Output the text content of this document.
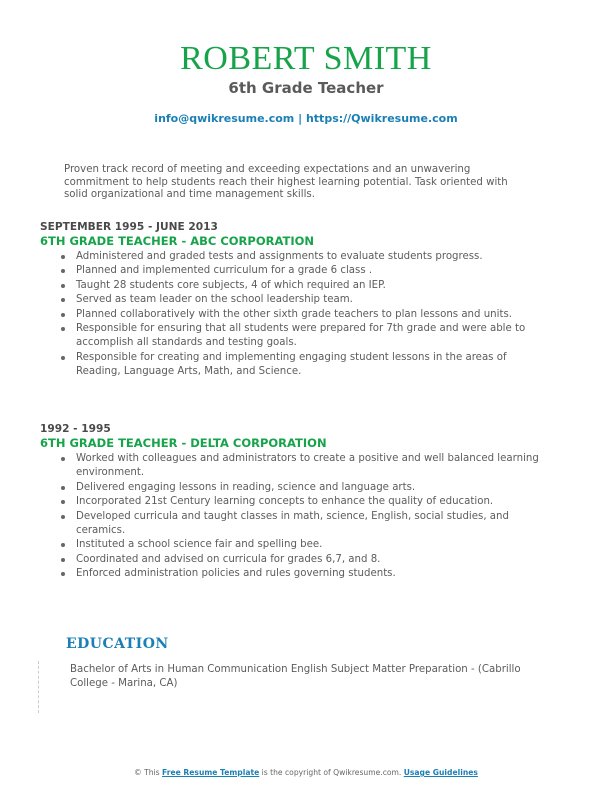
ROBERT SMITH
6th Grade Teacher
info@qwikresume.com | https://Qwikresume.com
Proven track record of meeting and exceeding expectations and an unwavering commitment to help students reach their highest learning potential. Task oriented with solid organizational and time management skills.
SEPTEMBER 1995 - JUNE 2013
6TH GRADE TEACHER - ABC CORPORATION
Administered and graded tests and assignments to evaluate students progress.
Planned and implemented curriculum for a grade 6 class .
Taught 28 students core subjects, 4 of which required an IEP.
Served as team leader on the school leadership team.
Planned collaboratively with the other sixth grade teachers to plan lessons and units.
Responsible for ensuring that all students were prepared for 7th grade and were able to accomplish all standards and testing goals.
Responsible for creating and implementing engaging student lessons in the areas of Reading, Language Arts, Math, and Science.
1992 - 1995
6TH GRADE TEACHER - DELTA CORPORATION
Worked with colleagues and administrators to create a positive and well balanced learning environment.
Delivered engaging lessons in reading, science and language arts.
Incorporated 21st Century learning concepts to enhance the quality of education.
Developed curricula and taught classes in math, science, English, social studies, and ceramics.
Instituted a school science fair and spelling bee.
Coordinated and advised on curricula for grades 6,7, and 8.
Enforced administration policies and rules governing students.
EDUCATION
Bachelor of Arts in Human Communication English Subject Matter Preparation - (Cabrillo College - Marina, CA)
© This Free Resume Template is the copyright of Qwikresume.com. Usage Guidelines
